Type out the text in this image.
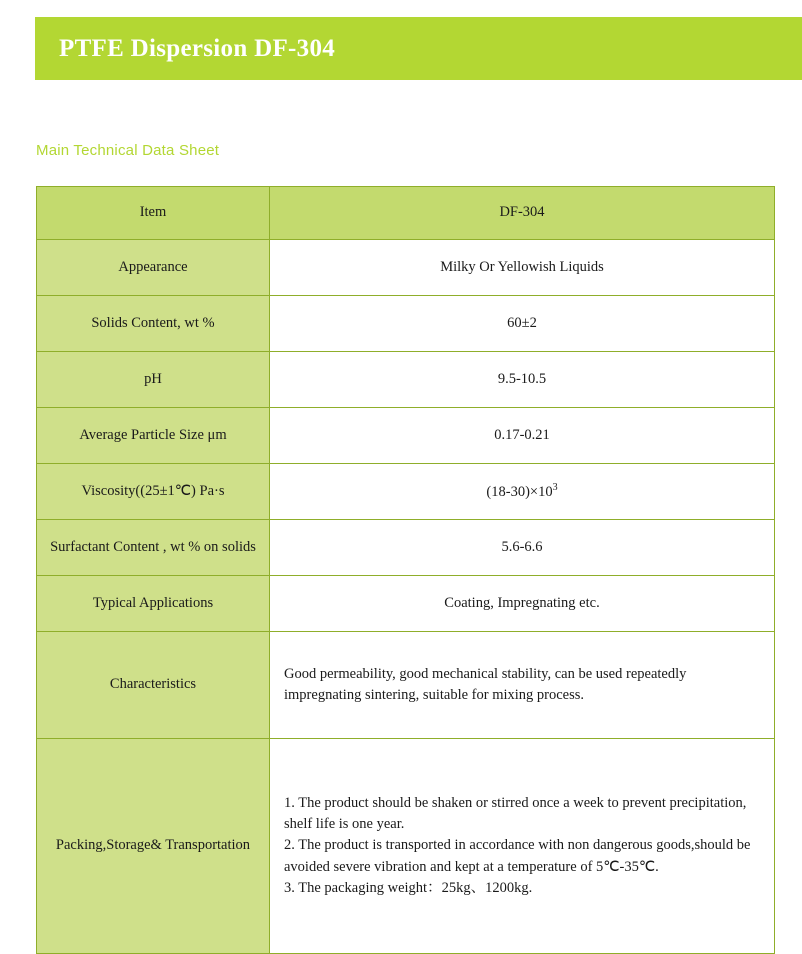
PTFE Dispersion DF-304
Main Technical Data Sheet
Item	DF-304
Appearance	Milky Or Yellowish Liquids
Solids Content, wt %	60±2
pH	9.5-10.5
Average Particle Size μm	0.17-0.21
Viscosity((25±1℃) Pa·s	$(18-30)\times 10^3$
Surfactant Content , wt % on solids	5.6-6.6
Typical Applications	Coating, Impregnating etc.
Characteristics	Good permeability, good mechanical stability, can be used repeatedly impregnating sintering, suitable for mixing process.
Packing,Storage& Transportation	1. The product should be shaken or stirred once a week to prevent precipitation, shelf life is one year.
2. The product is transported in accordance with non dangerous goods,should be avoided severe vibration and kept at a temperature of 5℃-35℃.
3. The packaging weight：25kg、1200kg.
